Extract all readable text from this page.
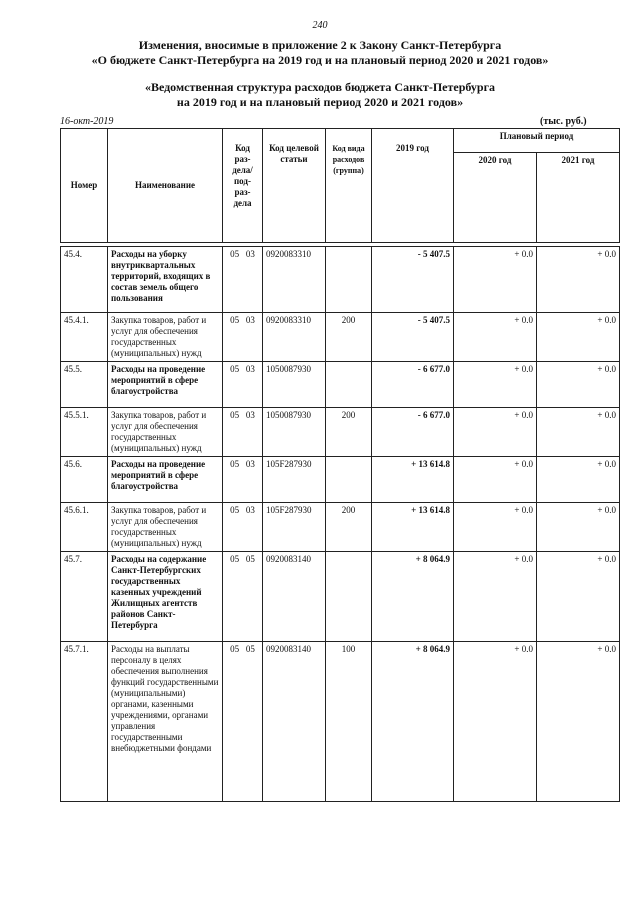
240
Изменения, вносимые в приложение 2 к Закону Санкт-Петербурга
«О бюджете Санкт-Петербурга на 2019 год и на плановый период 2020 и 2021 годов»
«Ведомственная структура расходов бюджета Санкт-Петербурга
на 2019 год и на плановый период 2020 и 2021 годов»
16-окт-2019	(тыс. руб.)
Номер	Наименование	Код раз- дела/ под- раз- дела	Код целевой статьи	Код вида расходов (группа)	2019 год	Плановый период	
						2020 год	2021 год

45.4.	Расходы на уборку внутриквартальных территорий, входящих в состав земель общего пользования	05   03	0920083310		- 5 407.5	+ 0.0	+ 0.0
45.4.1.	Закупка товаров, работ и услуг для обеспечения государственных (муниципальных) нужд	05   03	0920083310	200	- 5 407.5	+ 0.0	+ 0.0
45.5.	Расходы на проведение мероприятий в сфере благоустройства	05   03	1050087930		- 6 677.0	+ 0.0	+ 0.0
45.5.1.	Закупка товаров, работ и услуг для обеспечения государственных (муниципальных) нужд	05   03	1050087930	200	- 6 677.0	+ 0.0	+ 0.0
45.6.	Расходы на проведение мероприятий в сфере благоустройства	05   03	105F287930		+ 13 614.8	+ 0.0	+ 0.0
45.6.1.	Закупка товаров, работ и услуг для обеспечения государственных (муниципальных) нужд	05   03	105F287930	200	+ 13 614.8	+ 0.0	+ 0.0
45.7.	Расходы на содержание Санкт-Петербургских государственных казенных учреждений Жилищных агентств районов Санкт-Петербурга	05   05	0920083140		+ 8 064.9	+ 0.0	+ 0.0
45.7.1.	Расходы на выплаты персоналу в целях обеспечения выполнения функций государственными (муниципальными) органами, казенными учреждениями, органами управления государственными внебюджетными фондами	05   05	0920083140	100	+ 8 064.9	+ 0.0	+ 0.0
